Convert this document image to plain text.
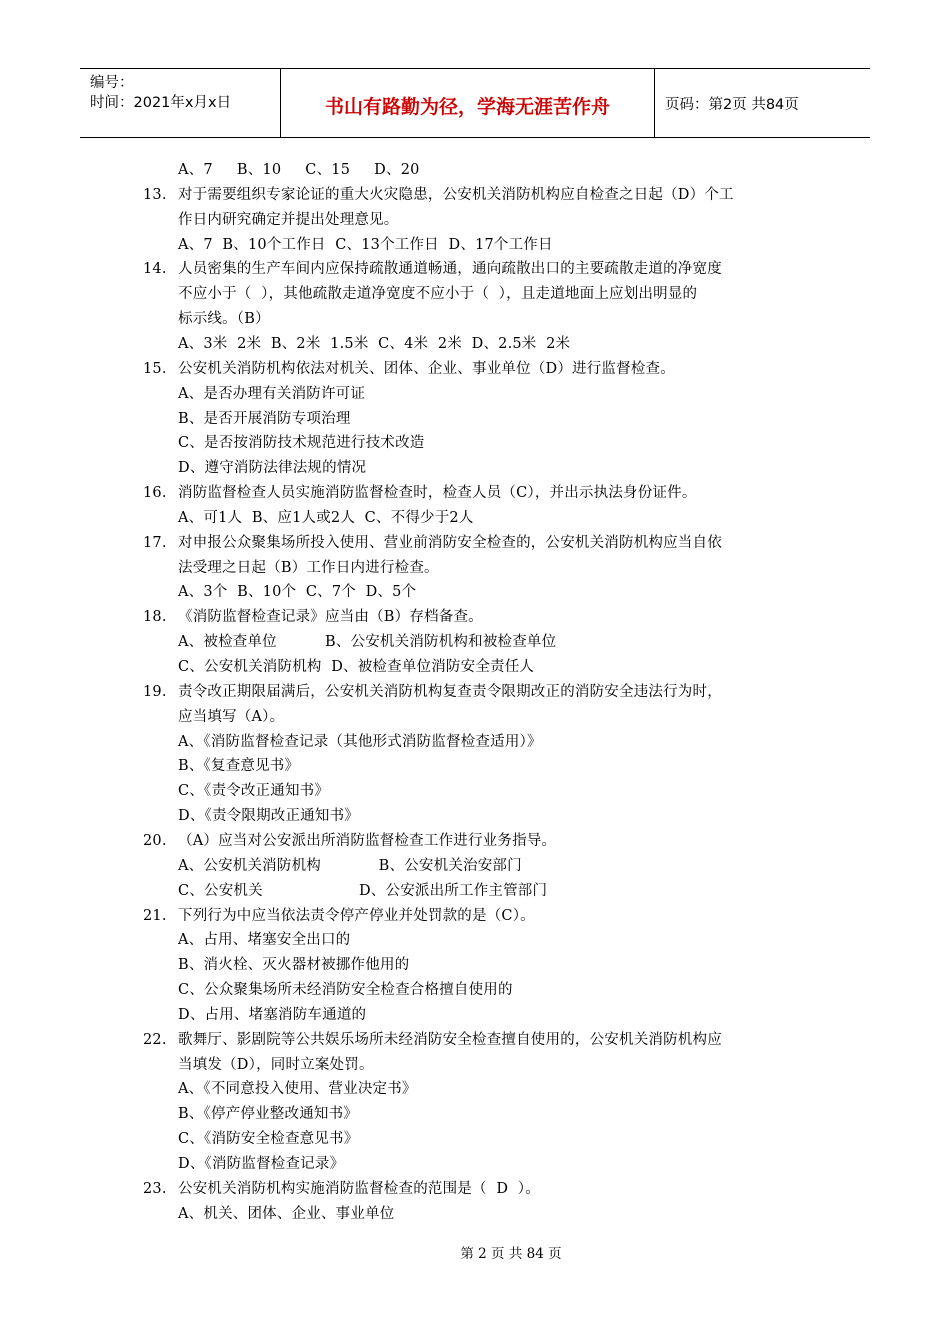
编号：
时间：2021年x月x日	书山有路勤为径，学海无涯苦作舟	页码：第2页 共84页
A、7     B、10     C、15     D、20
13. 对于需要组织专家论证的重大火灾隐患，公安机关消防机构应自检查之日起（D）个工
作日内研究确定并提出处理意见。
A、7  B、10个工作日  C、13个工作日  D、17个工作日
14. 人员密集的生产车间内应保持疏散通道畅通，通向疏散出口的主要疏散走道的净宽度
不应小于（  ），其他疏散走道净宽度不应小于（  ），且走道地面上应划出明显的
标示线。（B）
A、3米  2米  B、2米  1.5米  C、4米  2米  D、2.5米  2米
15. 公安机关消防机构依法对机关、团体、企业、事业单位（D）进行监督检查。
A、是否办理有关消防许可证
B、是否开展消防专项治理
C、是否按消防技术规范进行技术改造
D、遵守消防法律法规的情况
16. 消防监督检查人员实施消防监督检查时，检查人员（C），并出示执法身份证件。
A、可1人  B、应1人或2人  C、不得少于2人
17. 对申报公众聚集场所投入使用、营业前消防安全检查的，公安机关消防机构应当自依
法受理之日起（B）工作日内进行检查。
A、3个  B、10个  C、7个  D、5个
18. 《消防监督检查记录》应当由（B）存档备查。
A、被检查单位          B、公安机关消防机构和被检查单位
C、公安机关消防机构  D、被检查单位消防安全责任人
19. 责令改正期限届满后，公安机关消防机构复查责令限期改正的消防安全违法行为时，
应当填写（A）。
A、《消防监督检查记录（其他形式消防监督检查适用）》
B、《复查意见书》
C、《责令改正通知书》
D、《责令限期改正通知书》
20. （A）应当对公安派出所消防监督检查工作进行业务指导。
A、公安机关消防机构            B、公安机关治安部门
C、公安机关                    D、公安派出所工作主管部门
21. 下列行为中应当依法责令停产停业并处罚款的是（C）。
A、占用、堵塞安全出口的
B、消火栓、灭火器材被挪作他用的
C、公众聚集场所未经消防安全检查合格擅自使用的
D、占用、堵塞消防车通道的
22. 歌舞厅、影剧院等公共娱乐场所未经消防安全检查擅自使用的，公安机关消防机构应
当填发（D），同时立案处罚。
A、《不同意投入使用、营业决定书》
B、《停产停业整改通知书》
C、《消防安全检查意见书》
D、《消防监督检查记录》
23. 公安机关消防机构实施消防监督检查的范围是（  D  ）。
A、机关、团体、企业、事业单位
第 2 页 共 84 页
